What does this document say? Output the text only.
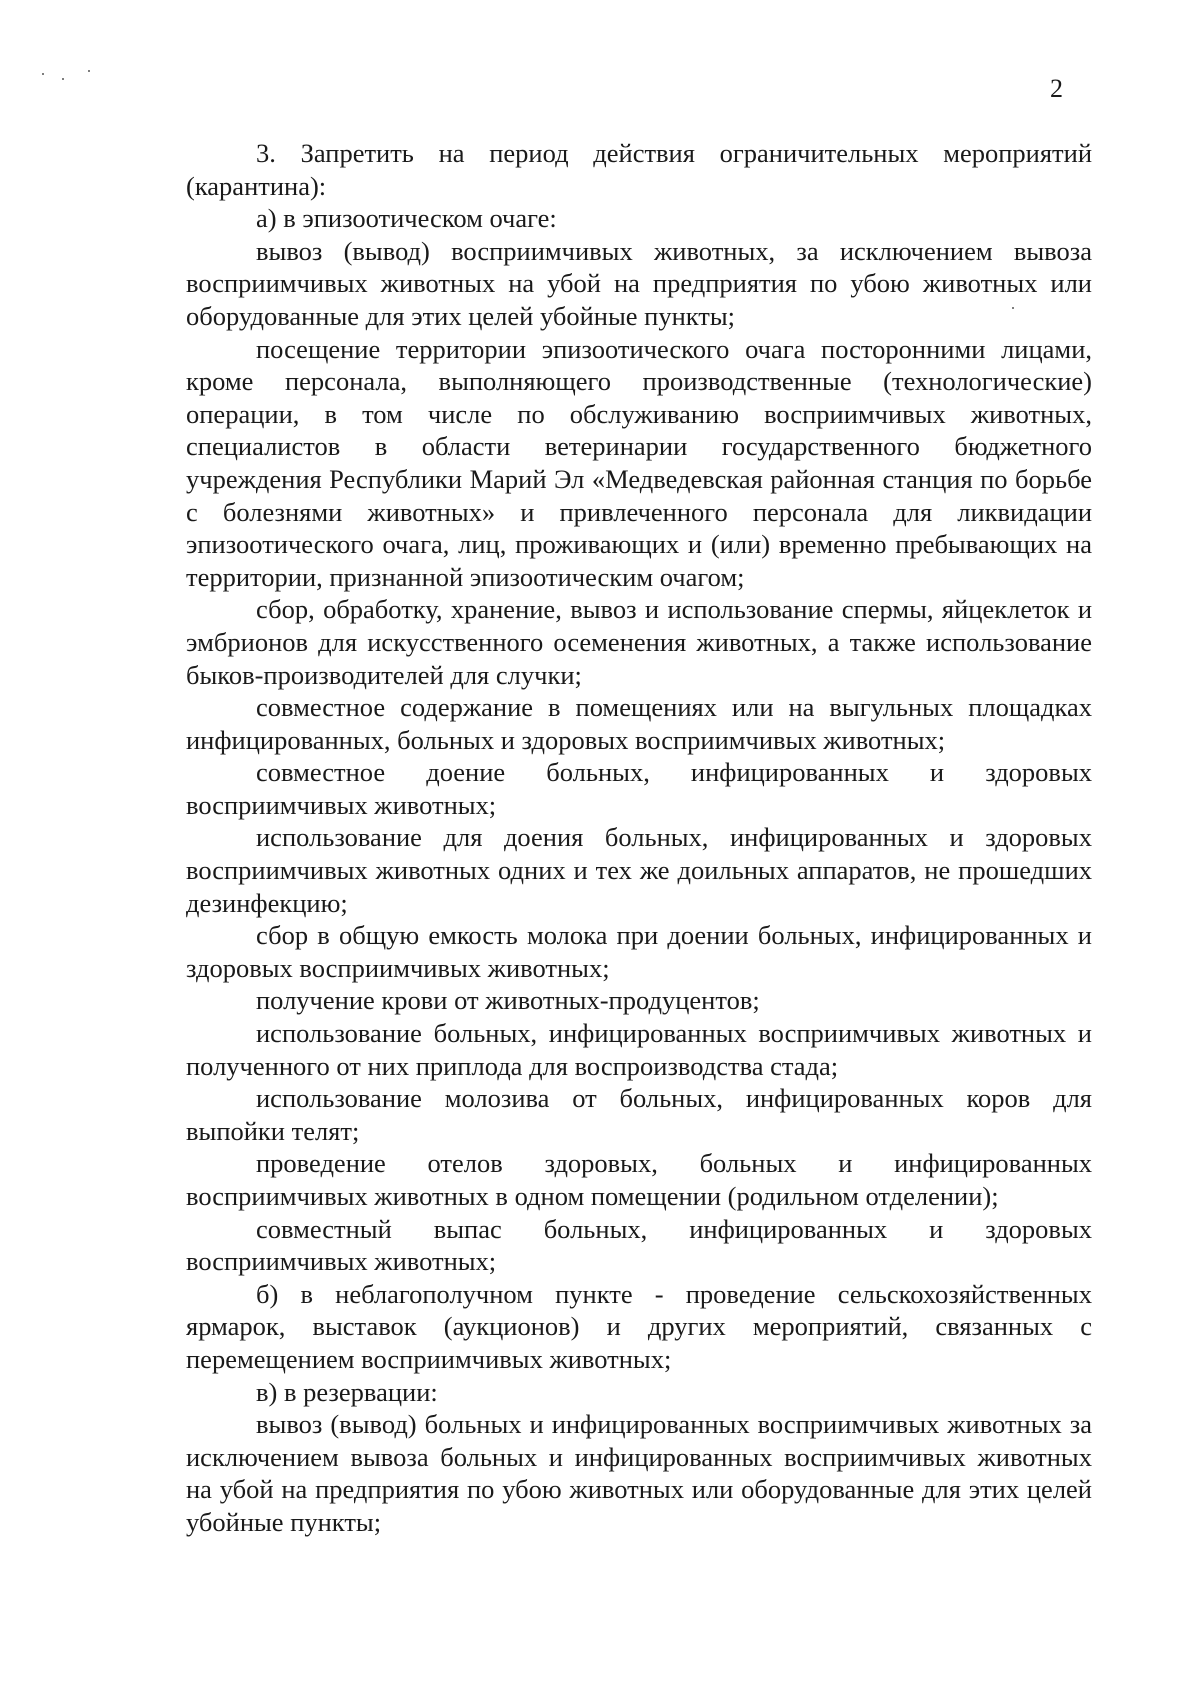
2

3. Запретить на период действия ограничительных мероприятий (карантина):

а) в эпизоотическом очаге:

вывоз (вывод) восприимчивых животных, за исключением вывоза восприимчивых животных на убой на предприятия по убою животных или оборудованные для этих целей убойные пункты;

посещение территории эпизоотического очага посторонними лицами, кроме персонала, выполняющего производственные (технологические) операции, в том числе по обслуживанию восприимчивых животных, специалистов в области ветеринарии государственного бюджетного учреждения Республики Марий Эл «Медведевская районная станция по борьбе с болезнями животных» и привлеченного персонала для ликвидации эпизоотического очага, лиц, проживающих и (или) временно пребывающих на территории, признанной эпизоотическим очагом;

сбор, обработку, хранение, вывоз и использование спермы, яйцеклеток и эмбрионов для искусственного осеменения животных, а также использование быков-производителей для случки;

совместное содержание в помещениях или на выгульных площадках инфицированных, больных и здоровых восприимчивых животных;

совместное доение больных, инфицированных и здоровых восприимчивых животных;

использование для доения больных, инфицированных и здоровых восприимчивых животных одних и тех же доильных аппаратов, не прошедших дезинфекцию;

сбор в общую емкость молока при доении больных, инфицированных и здоровых восприимчивых животных;

получение крови от животных-продуцентов;

использование больных, инфицированных восприимчивых животных и полученного от них приплода для воспроизводства стада;

использование молозива от больных, инфицированных коров для выпойки телят;

проведение отелов здоровых, больных и инфицированных восприимчивых животных в одном помещении (родильном отделении);

совместный выпас больных, инфицированных и здоровых восприимчивых животных;

б) в неблагополучном пункте - проведение сельскохозяйственных ярмарок, выставок (аукционов) и других мероприятий, связанных с перемещением восприимчивых животных;

в) в резервации:

вывоз (вывод) больных и инфицированных восприимчивых животных за исключением вывоза больных и инфицированных восприимчивых животных на убой на предприятия по убою животных или оборудованные для этих целей убойные пункты;
